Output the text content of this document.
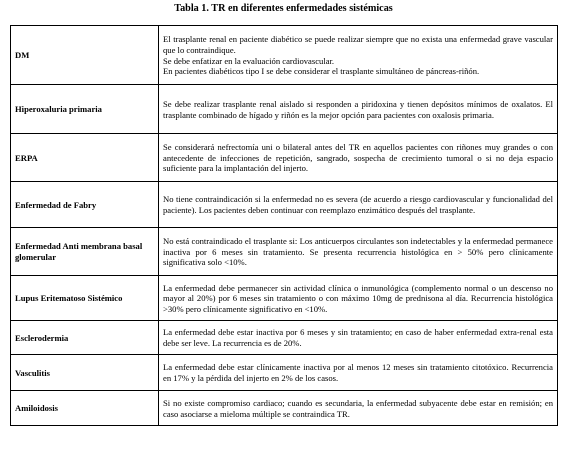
Tabla 1. TR en diferentes enfermedades sistémicas
DM	El trasplante renal en paciente diabético se puede realizar siempre que no exista una enfermedad grave vascular que lo contraindique.
Se debe enfatizar en la evaluación cardiovascular.
En pacientes diabéticos tipo I se debe considerar el trasplante simultáneo de páncreas-riñón.

Hiperoxaluria primaria	Se debe realizar trasplante renal aislado si responden a piridoxina y tienen depósitos mínimos de oxalatos. El trasplante combinado de hígado y riñón es la mejor opción para pacientes con oxalosis primaria.
ERPA	Se considerará nefrectomía uni o bilateral antes del TR en aquellos pacientes con riñones muy grandes o con antecedente de infecciones de repetición, sangrado, sospecha de crecimiento tumoral o si no deja espacio suficiente para la implantación del injerto.
Enfermedad de Fabry	No tiene contraindicación si la enfermedad no es severa (de acuerdo a riesgo cardiovascular y funcionalidad del paciente). Los pacientes deben continuar con reemplazo enzimático después del trasplante.
Enfermedad Anti membrana basal glomerular	No está contraindicado el trasplante si: Los anticuerpos circulantes son indetectables y la enfermedad permanece inactiva por 6 meses sin tratamiento. Se presenta recurrencia histológica en > 50% pero clínicamente significativa solo <10%.
Lupus Eritematoso Sistémico	La enfermedad debe permanecer sin actividad clínica o inmunológica (complemento normal o un descenso no mayor al 20%) por 6 meses sin tratamiento o con máximo 10mg de prednisona al día. Recurrencia histológica >30% pero clínicamente significativo en <10%.
Esclerodermia	La enfermedad debe estar inactiva por 6 meses y sin tratamiento; en caso de haber enfermedad extra-renal esta debe ser leve. La recurrencia es de 20%.
Vasculitis	La enfermedad debe estar clínicamente inactiva por al menos 12 meses sin tratamiento citotóxico. Recurrencia en 17% y la pérdida del injerto en 2% de los casos.
Amiloidosis	Si no existe compromiso cardiaco; cuando es secundaria, la enfermedad subyacente debe estar en remisión; en caso asociarse a mieloma múltiple se contraindica TR.
